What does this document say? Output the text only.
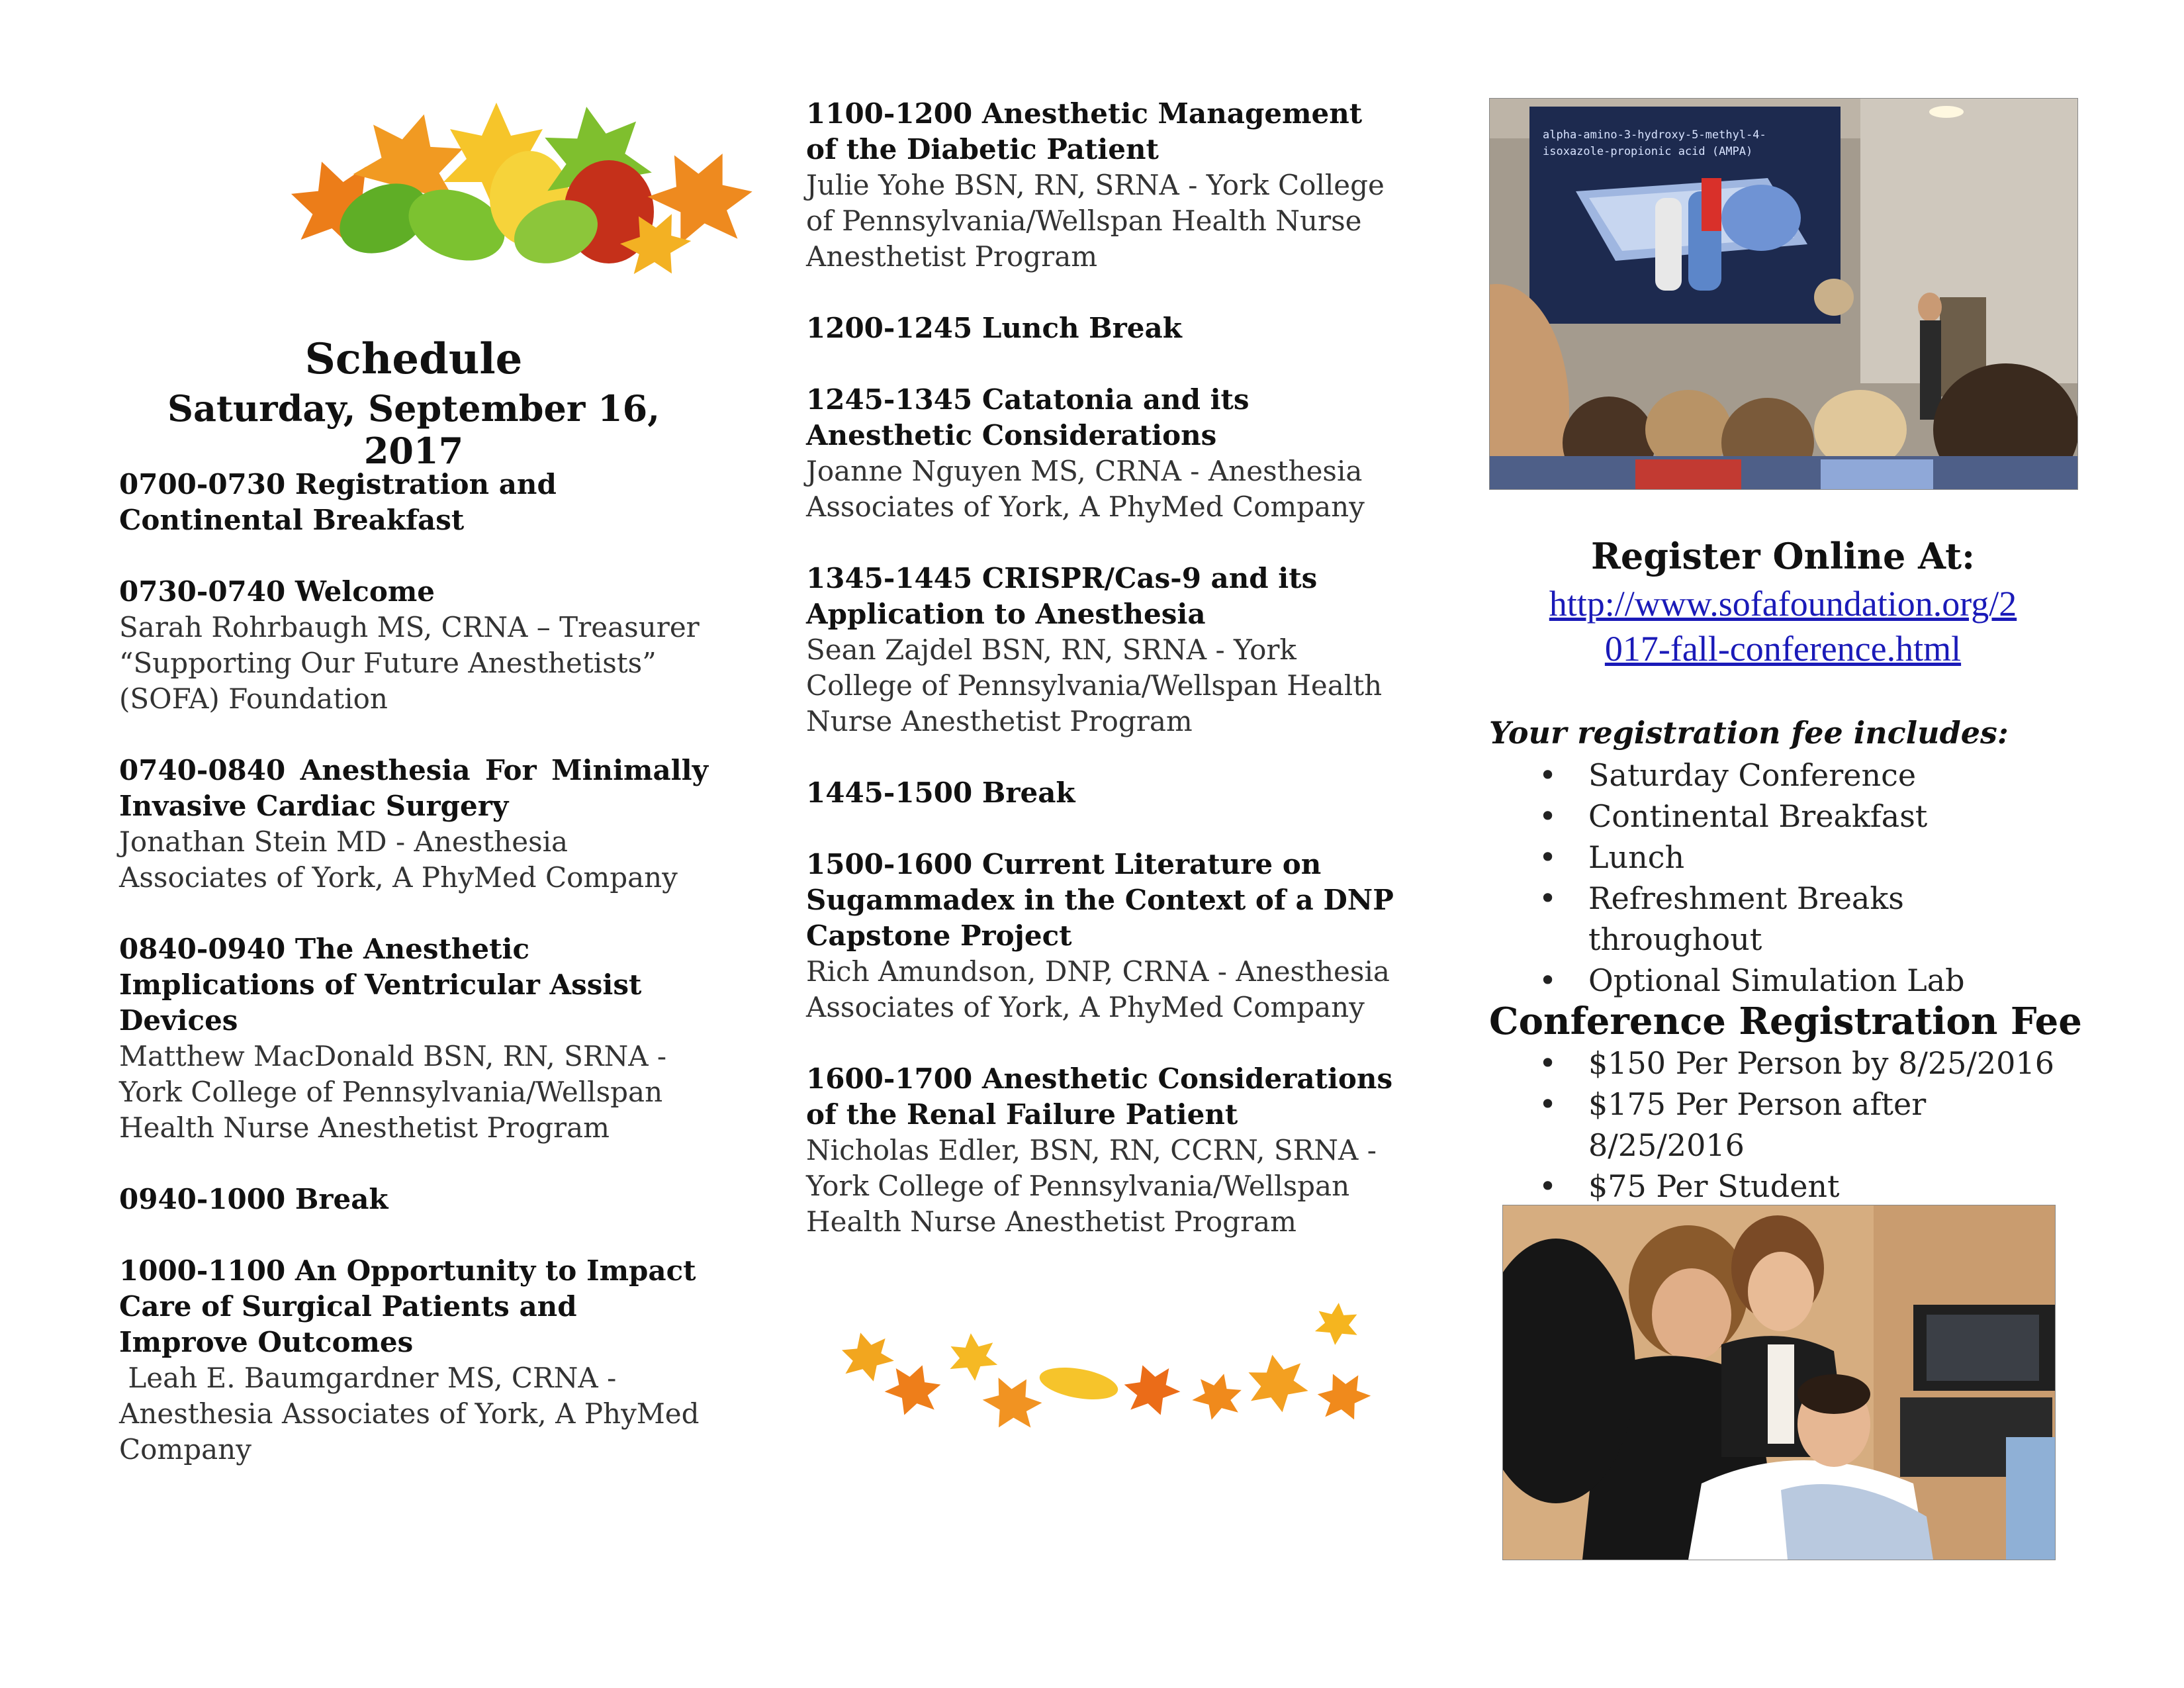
Schedule
Saturday, September 16, 2017
0700-0730 Registration and Continental Breakfast
0730-0740 Welcome
Sarah Rohrbaugh MS, CRNA – Treasurer “Supporting Our Future Anesthetists” (SOFA) Foundation
0740-0840 Anesthesia For Minimally
Invasive Cardiac Surgery
Jonathan Stein MD - Anesthesia Associates of York, A PhyMed Company
0840-0940 The Anesthetic Implications of Ventricular Assist Devices
Matthew MacDonald BSN, RN, SRNA - York College of Pennsylvania/Wellspan Health Nurse Anesthetist Program
0940-1000 Break
1000-1100 An Opportunity to Impact Care of Surgical Patients and Improve Outcomes
Leah E. Baumgardner MS, CRNA - Anesthesia Associates of York, A PhyMed Company
1100-1200 Anesthetic Management of the Diabetic Patient
Julie Yohe BSN, RN, SRNA - York College of Pennsylvania/Wellspan Health Nurse Anesthetist Program
1200-1245 Lunch Break
1245-1345 Catatonia and its Anesthetic Considerations
Joanne Nguyen MS, CRNA - Anesthesia Associates of York, A PhyMed Company
1345-1445 CRISPR/Cas-9 and its Application to Anesthesia
Sean Zajdel BSN, RN, SRNA - York College of Pennsylvania/Wellspan Health Nurse Anesthetist Program
1445-1500 Break
1500-1600 Current Literature on Sugammadex in the Context of a DNP Capstone Project
Rich Amundson, DNP, CRNA - Anesthesia Associates of York, A PhyMed Company
1600-1700 Anesthetic Considerations of the Renal Failure Patient
Nicholas Edler, BSN, RN, CCRN, SRNA - York College of Pennsylvania/Wellspan Health Nurse Anesthetist Program
alpha-amino-3-hydroxy-5-methyl-4-
isoxazole-propionic acid (AMPA)
Register Online At:
http://www.sofafoundation.org/2
017-fall-conference.html
Your registration fee includes:
• Saturday Conference
• Continental Breakfast
• Lunch
• Refreshment Breaks throughout
• Optional Simulation Lab
Conference Registration Fee
• $150 Per Person by 8/25/2016
• $175 Per Person after 8/25/2016
• $75 Per Student
